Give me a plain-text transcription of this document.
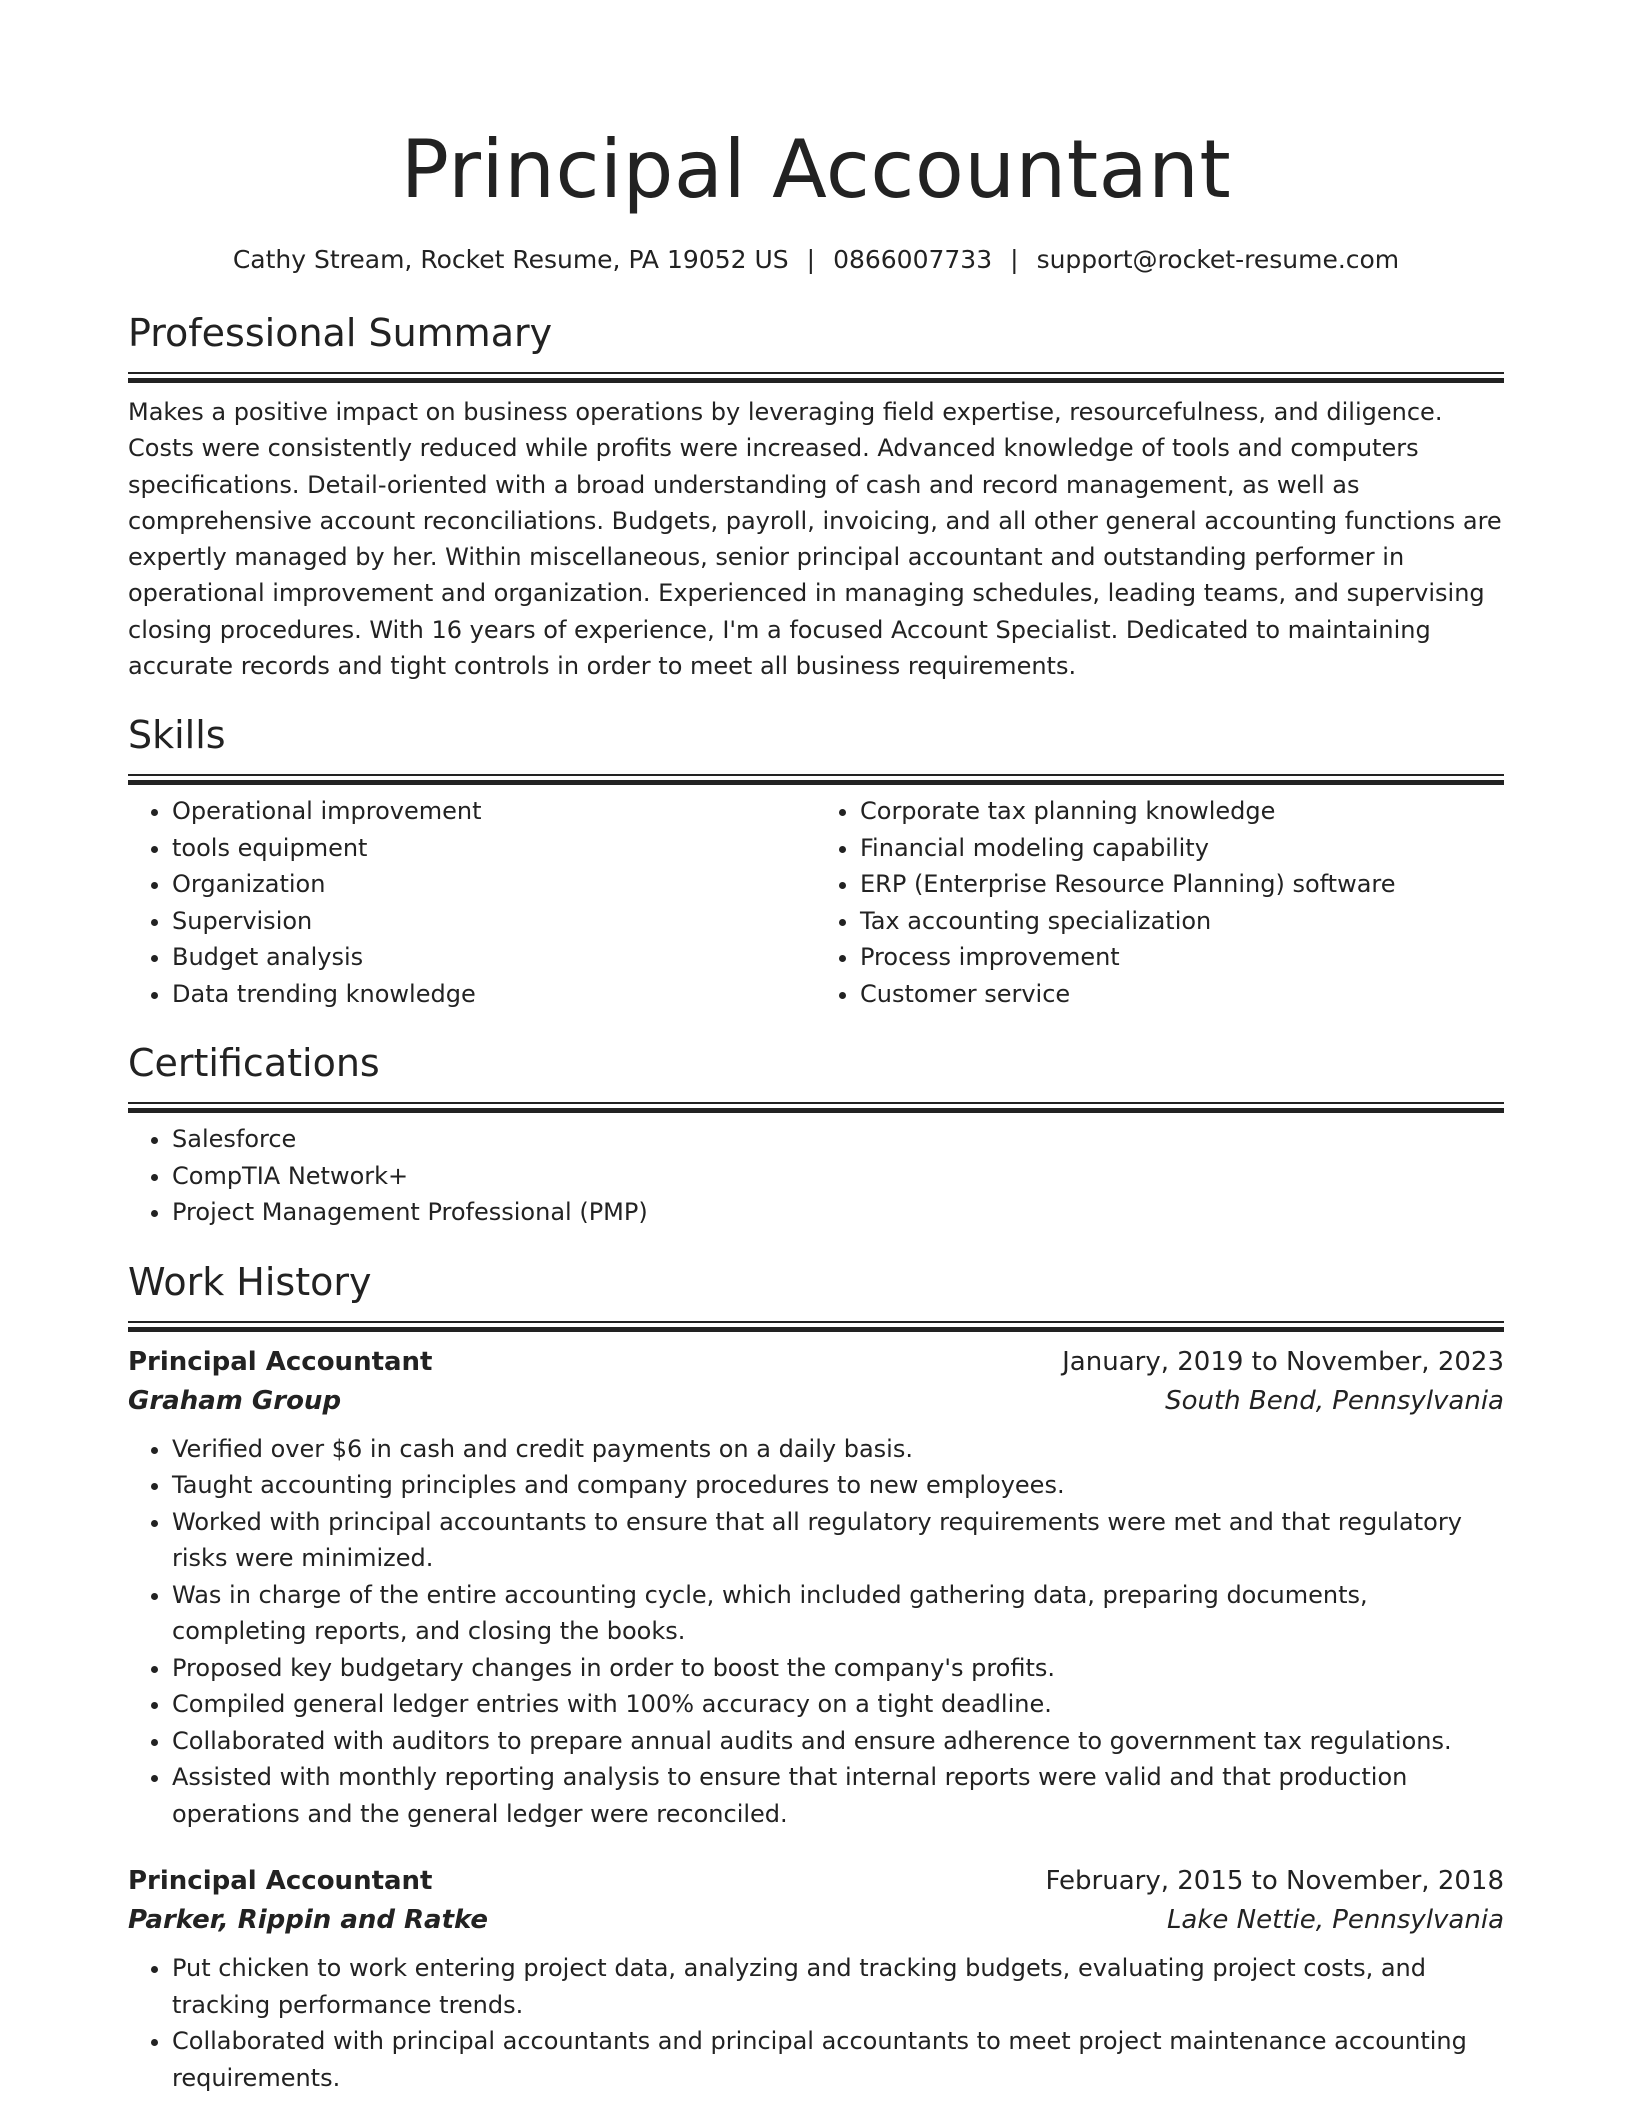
Principal Accountant
Cathy Stream, Rocket Resume, PA 19052 US | 0866007733 | support@rocket-resume.com
Professional Summary
Makes a positive impact on business operations by leveraging field expertise, resourcefulness, and diligence. Costs were consistently reduced while profits were increased. Advanced knowledge of tools and computers specifications. Detail-oriented with a broad understanding of cash and record management, as well as comprehensive account reconciliations. Budgets, payroll, invoicing, and all other general accounting functions are expertly managed by her. Within miscellaneous, senior principal accountant and outstanding performer in operational improvement and organization. Experienced in managing schedules, leading teams, and supervising closing procedures. With 16 years of experience, I'm a focused Account Specialist. Dedicated to maintaining accurate records and tight controls in order to meet all business requirements.
Skills
• Operational improvement
• tools equipment
• Organization
• Supervision
• Budget analysis
• Data trending knowledge
• Corporate tax planning knowledge
• Financial modeling capability
• ERP (Enterprise Resource Planning) software
• Tax accounting specialization
• Process improvement
• Customer service
Certifications
• Salesforce
• CompTIA Network+
• Project Management Professional (PMP)
Work History
Principal Accountant	January, 2019 to November, 2023
Graham Group	South Bend, Pennsylvania
• Verified over $6 in cash and credit payments on a daily basis.
• Taught accounting principles and company procedures to new employees.
• Worked with principal accountants to ensure that all regulatory requirements were met and that regulatory risks were minimized.
• Was in charge of the entire accounting cycle, which included gathering data, preparing documents, completing reports, and closing the books.
• Proposed key budgetary changes in order to boost the company's profits.
• Compiled general ledger entries with 100% accuracy on a tight deadline.
• Collaborated with auditors to prepare annual audits and ensure adherence to government tax regulations.
• Assisted with monthly reporting analysis to ensure that internal reports were valid and that production operations and the general ledger were reconciled.
Principal Accountant	February, 2015 to November, 2018
Parker, Rippin and Ratke	Lake Nettie, Pennsylvania
• Put chicken to work entering project data, analyzing and tracking budgets, evaluating project costs, and tracking performance trends.
• Collaborated with principal accountants and principal accountants to meet project maintenance accounting requirements.
